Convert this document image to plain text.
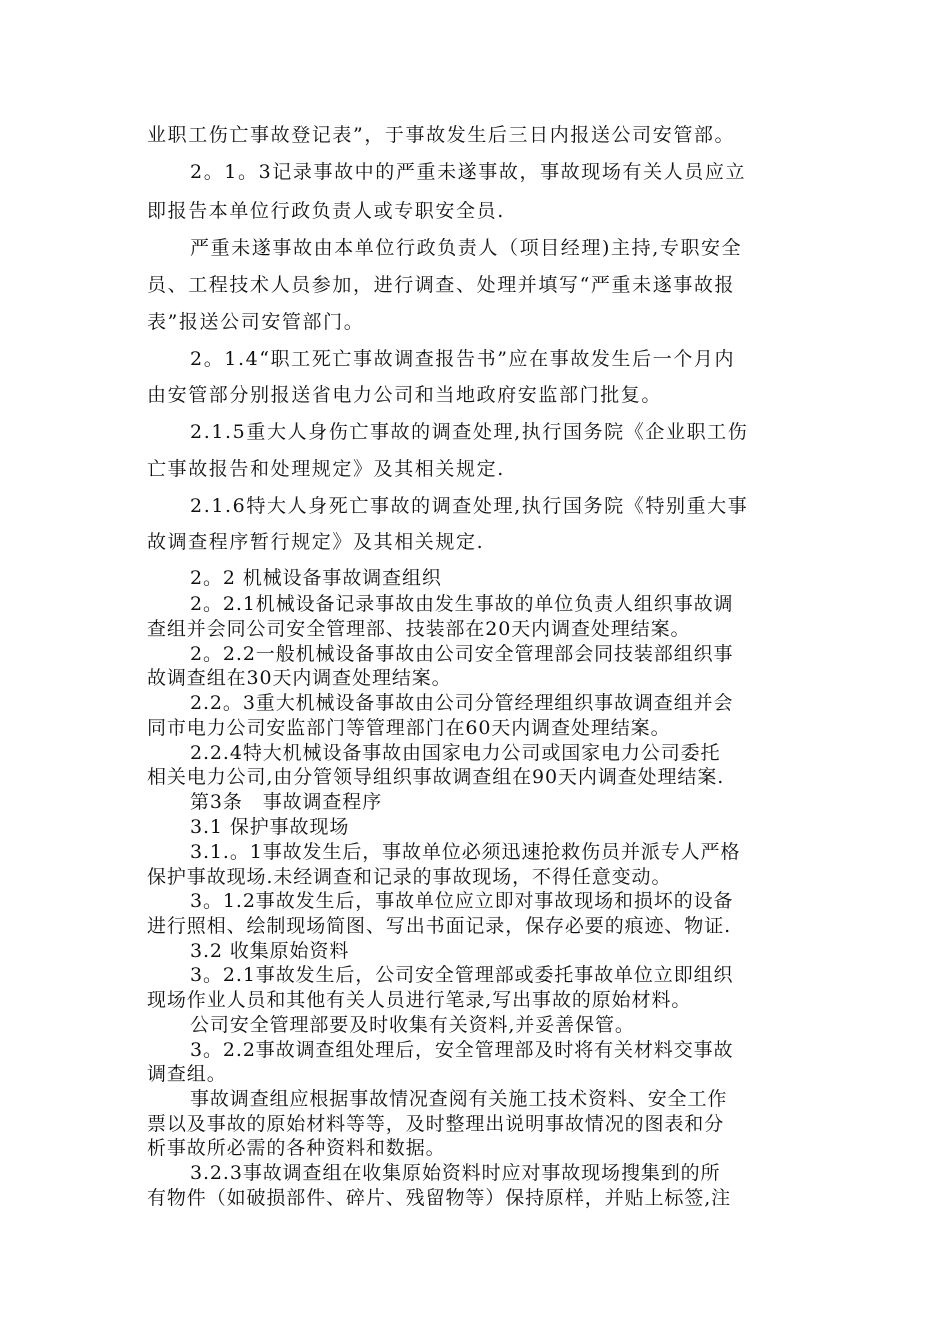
业职工伤亡事故登记表”，于事故发生后三日内报送公司安管部。
2。1。3记录事故中的严重未遂事故，事故现场有关人员应立
即报告本单位行政负责人或专职安全员.
严重未遂事故由本单位行政负责人（项目经理)主持,专职安全
员、工程技术人员参加，进行调查、处理并填写“严重未遂事故报
表”报送公司安管部门。
2。1.4“职工死亡事故调查报告书”应在事故发生后一个月内
由安管部分别报送省电力公司和当地政府安监部门批复。
2.1.5重大人身伤亡事故的调查处理,执行国务院《企业职工伤
亡事故报告和处理规定》及其相关规定.
2.1.6特大人身死亡事故的调查处理,执行国务院《特别重大事
故调查程序暂行规定》及其相关规定.
2。2 机械设备事故调查组织
2。2.1机械设备记录事故由发生事故的单位负责人组织事故调
查组并会同公司安全管理部、技装部在20天内调查处理结案。
2。2.2一般机械设备事故由公司安全管理部会同技装部组织事
故调查组在30天内调查处理结案。
2.2。3重大机械设备事故由公司分管经理组织事故调查组并会
同市电力公司安监部门等管理部门在60天内调查处理结案。
2.2.4特大机械设备事故由国家电力公司或国家电力公司委托
相关电力公司,由分管领导组织事故调查组在90天内调查处理结案.
第3条　事故调查程序
3.1 保护事故现场
3.1.。1事故发生后，事故单位必须迅速抢救伤员并派专人严格
保护事故现场.未经调查和记录的事故现场，不得任意变动。
3。1.2事故发生后，事故单位应立即对事故现场和损坏的设备
进行照相、绘制现场简图、写出书面记录，保存必要的痕迹、物证.
3.2 收集原始资料
3。2.1事故发生后，公司安全管理部或委托事故单位立即组织
现场作业人员和其他有关人员进行笔录,写出事故的原始材料。
公司安全管理部要及时收集有关资料,并妥善保管。
3。2.2事故调查组处理后，安全管理部及时将有关材料交事故
调查组。
事故调查组应根据事故情况查阅有关施工技术资料、安全工作
票以及事故的原始材料等等，及时整理出说明事故情况的图表和分
析事故所必需的各种资料和数据。
3.2.3事故调查组在收集原始资料时应对事故现场搜集到的所
有物件（如破损部件、碎片、残留物等）保持原样，并贴上标签,注
